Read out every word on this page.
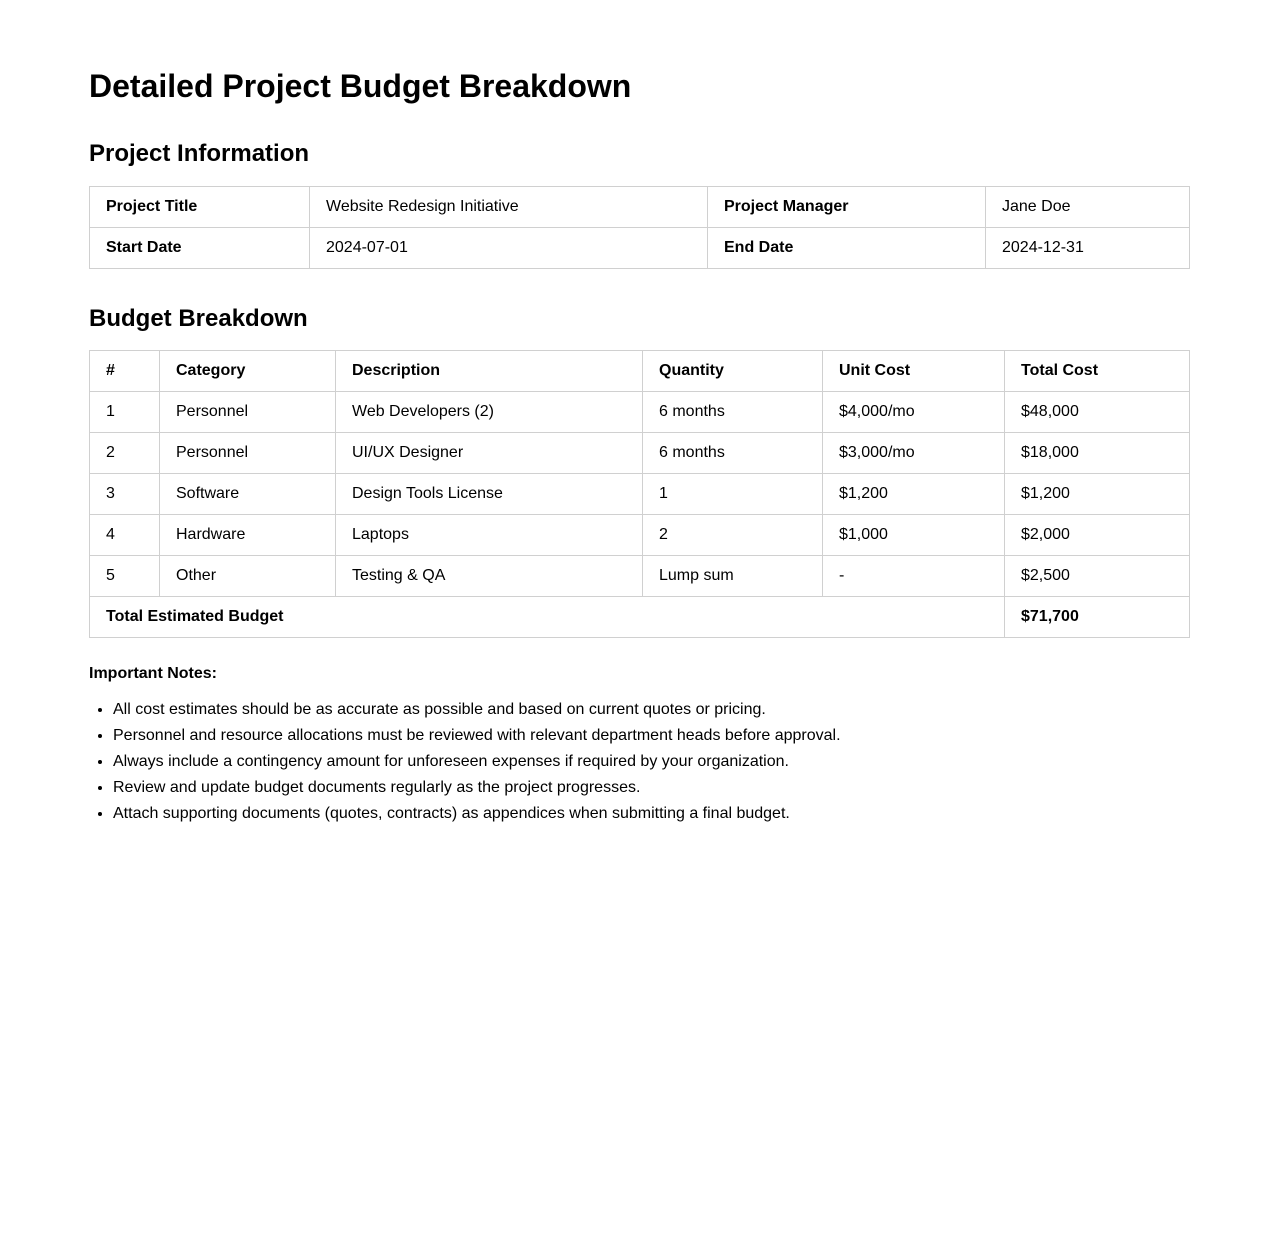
Detailed Project Budget Breakdown
Project Information
Project Title	Website Redesign Initiative	Project Manager	Jane Doe
Start Date	2024-07-01	End Date	2024-12-31
Budget Breakdown
#	Category	Description	Quantity	Unit Cost	Total Cost
1	Personnel	Web Developers (2)	6 months	$4,000/mo	$48,000
2	Personnel	UI/UX Designer	6 months	$3,000/mo	$18,000
3	Software	Design Tools License	1	$1,200	$1,200
4	Hardware	Laptops	2	$1,000	$2,000
5	Other	Testing & QA	Lump sum	-	$2,500
Total Estimated Budget					$71,700
Important Notes:
• All cost estimates should be as accurate as possible and based on current quotes or pricing.
• Personnel and resource allocations must be reviewed with relevant department heads before approval.
• Always include a contingency amount for unforeseen expenses if required by your organization.
• Review and update budget documents regularly as the project progresses.
• Attach supporting documents (quotes, contracts) as appendices when submitting a final budget.
